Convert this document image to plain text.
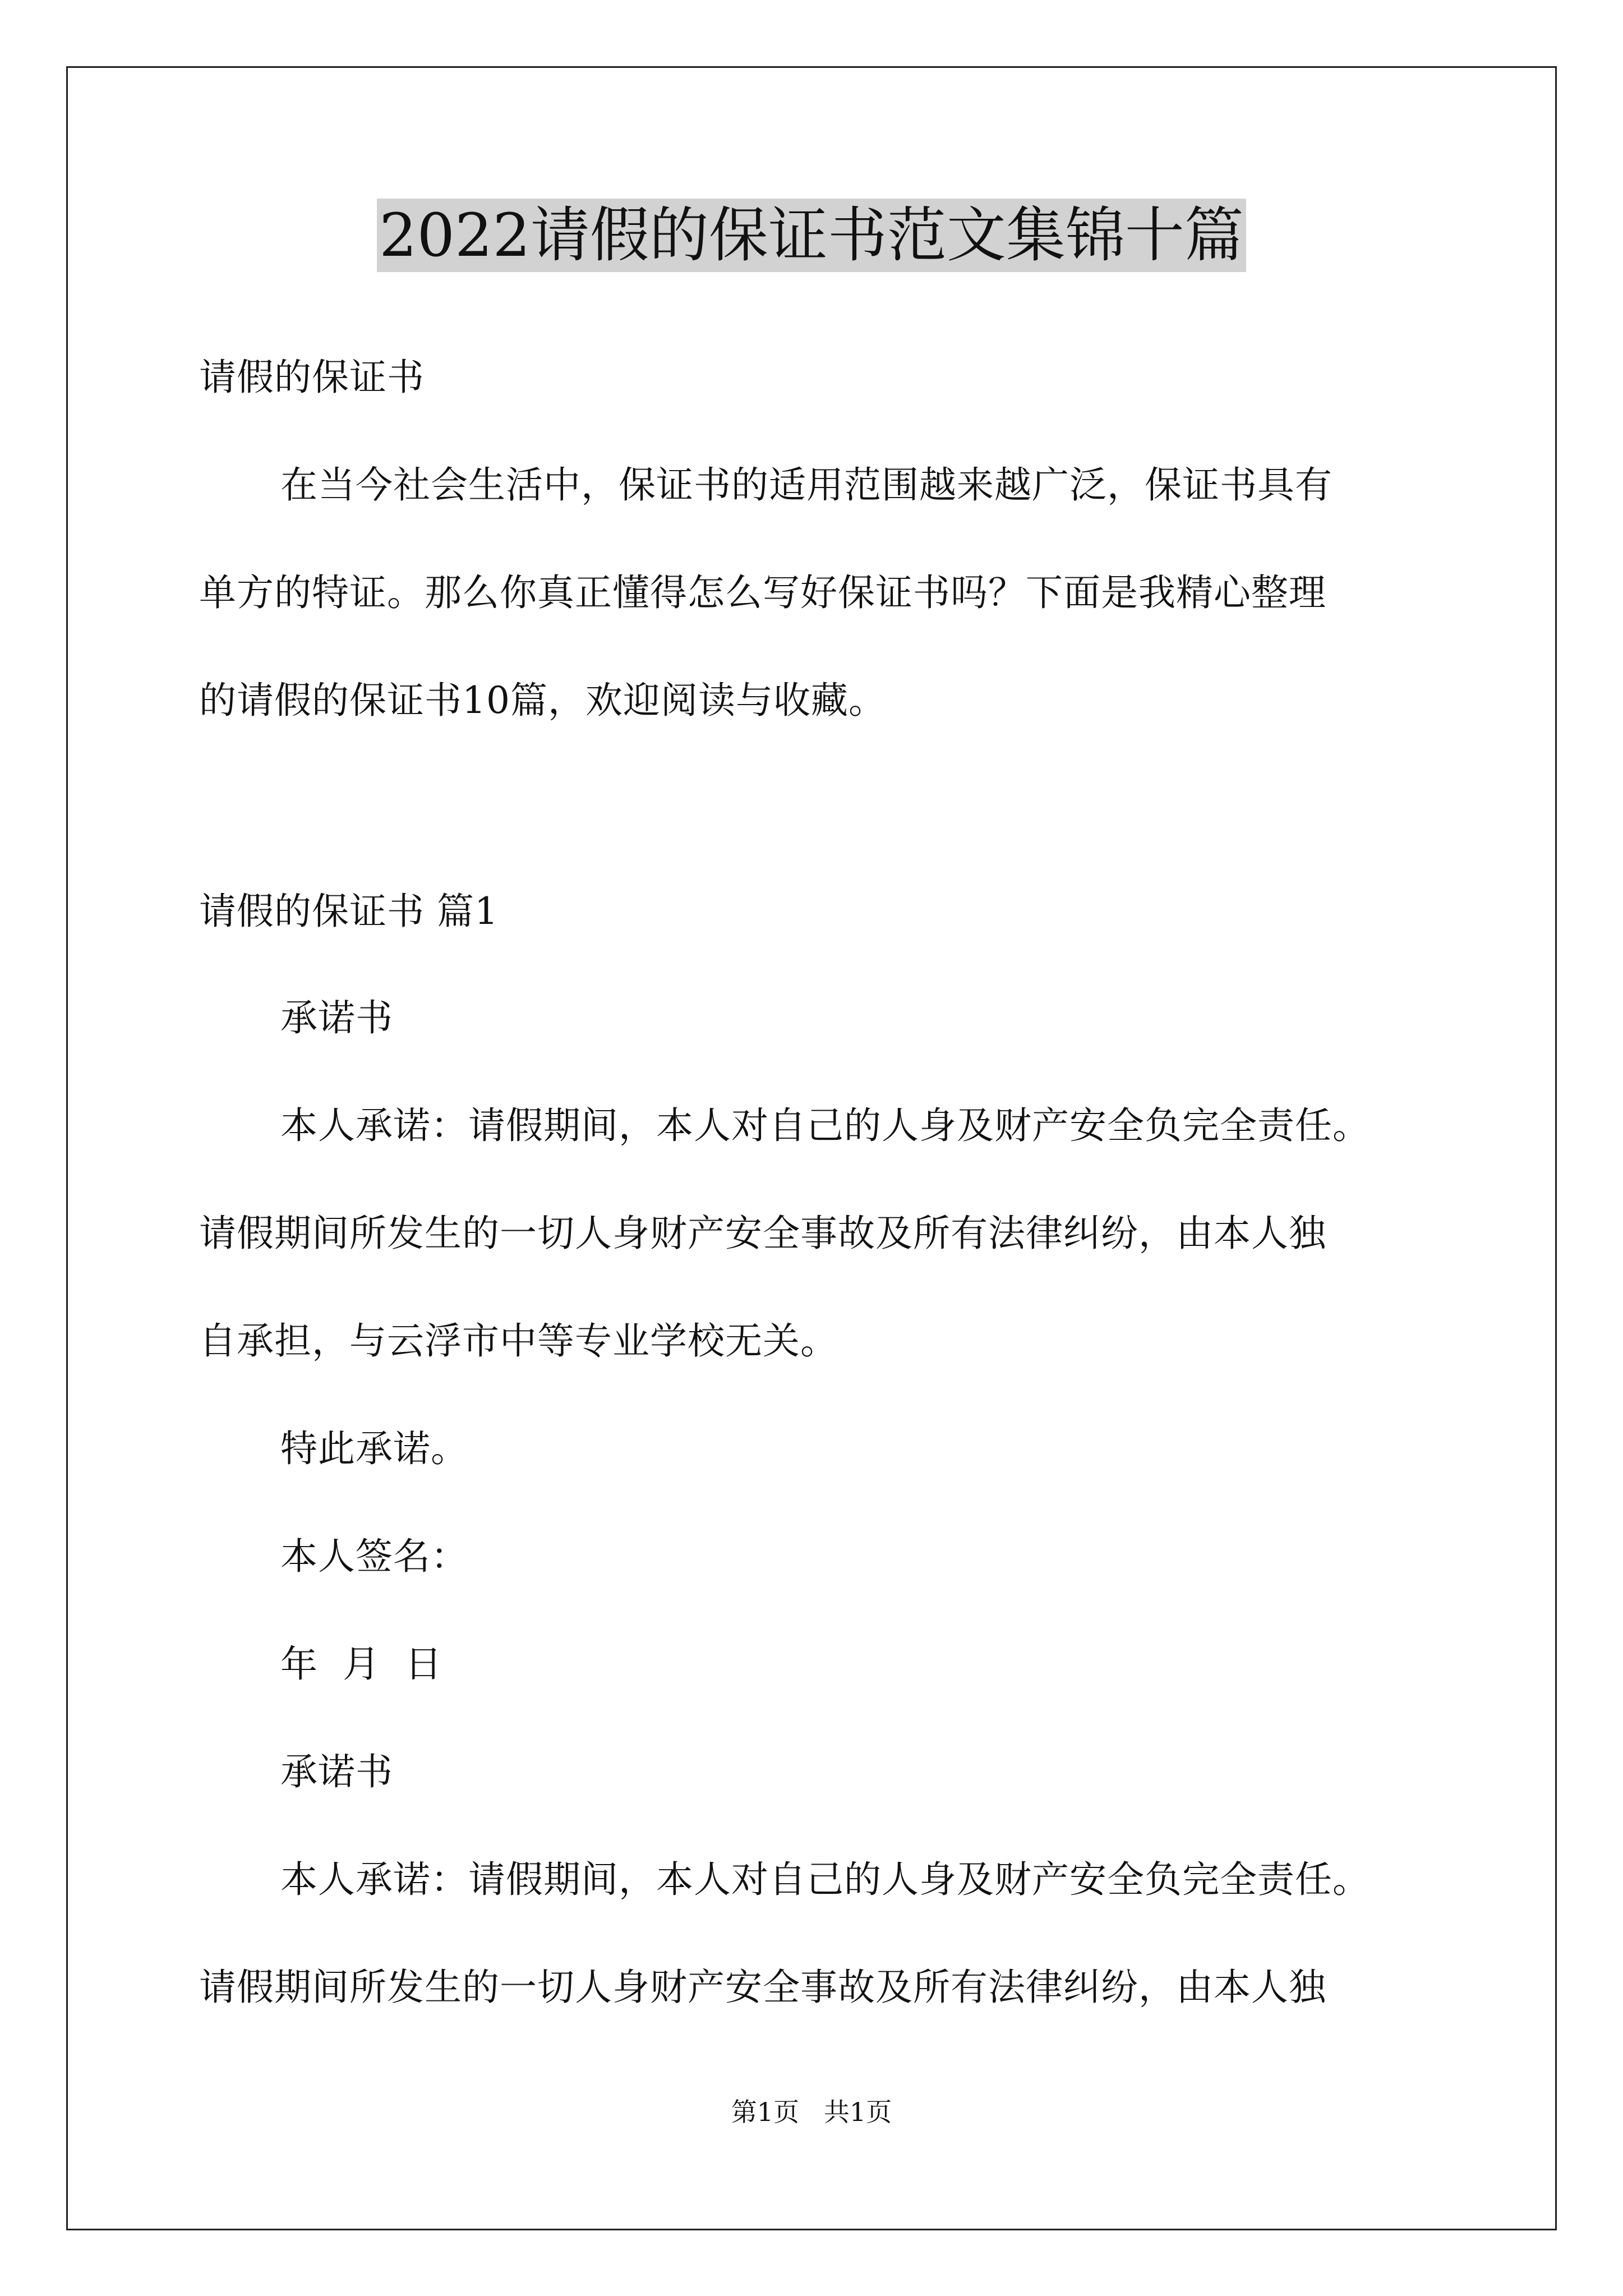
2022请假的保证书范文集锦十篇
请假的保证书
在当今社会生活中，保证书的适用范围越来越广泛，保证书具有
单方的特证。那么你真正懂得怎么写好保证书吗？下面是我精心整理
的请假的保证书10篇，欢迎阅读与收藏。
请假的保证书 篇1
承诺书
本人承诺：请假期间，本人对自己的人身及财产安全负完全责任。
请假期间所发生的一切人身财产安全事故及所有法律纠纷，由本人独
自承担，与云浮市中等专业学校无关。
特此承诺。
本人签名：
年  月  日
承诺书
本人承诺：请假期间，本人对自己的人身及财产安全负完全责任。
请假期间所发生的一切人身财产安全事故及所有法律纠纷，由本人独
第1页   共1页
